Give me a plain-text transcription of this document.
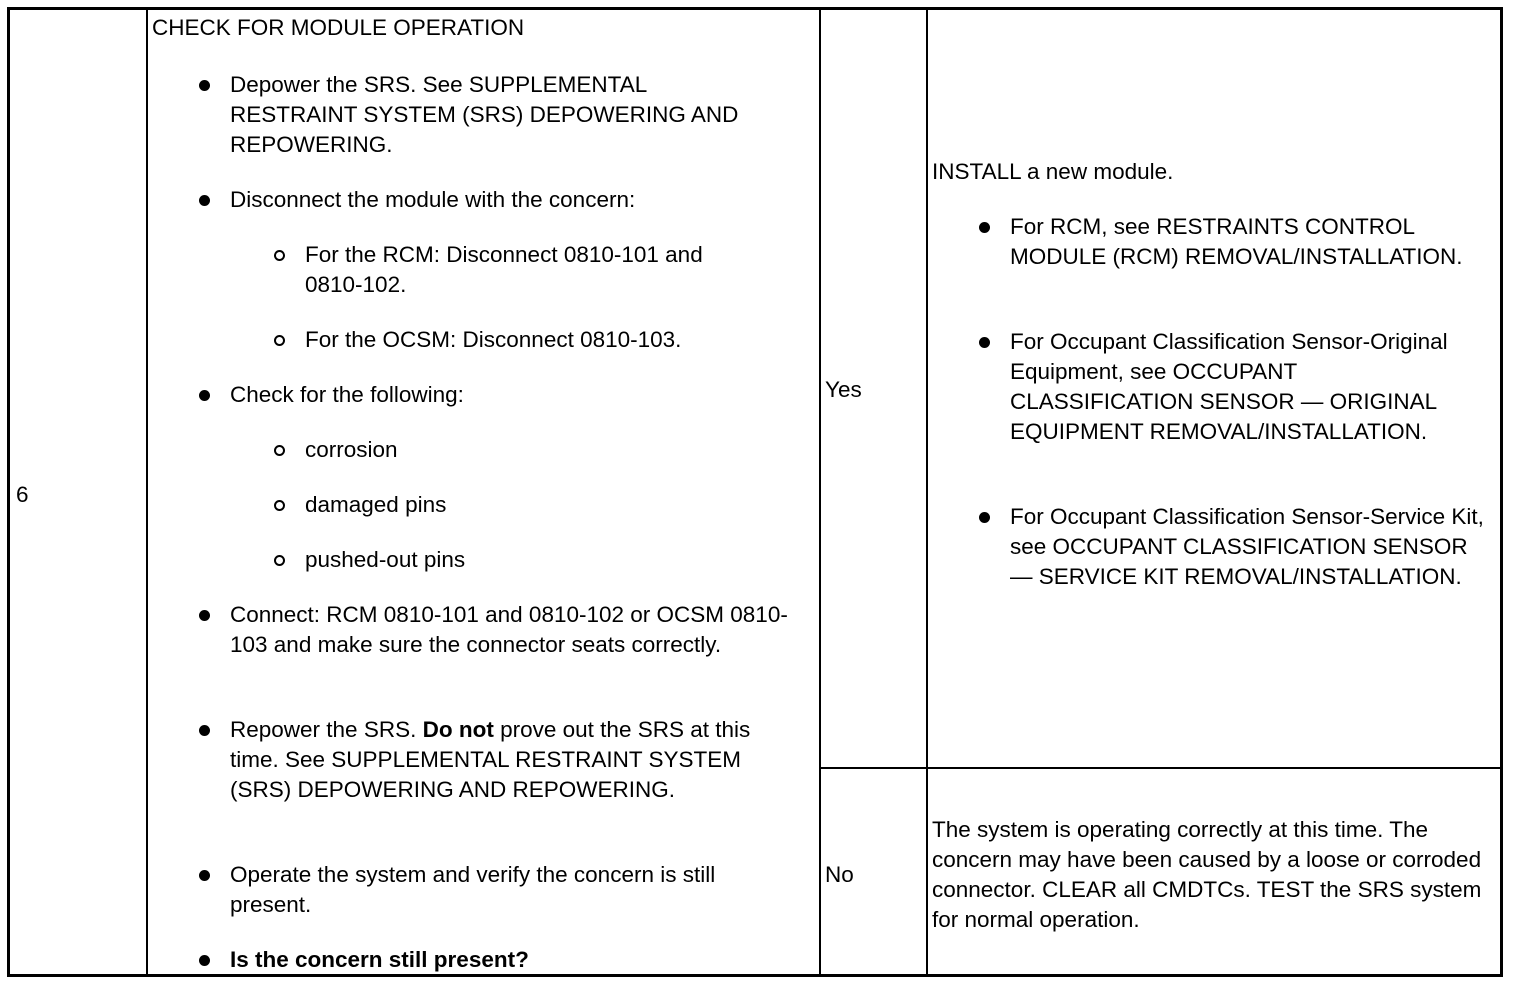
6
CHECK FOR MODULE OPERATION
Depower the SRS. See SUPPLEMENTAL RESTRAINT SYSTEM (SRS) DEPOWERING AND REPOWERING.
Disconnect the module with the concern:
For the RCM: Disconnect 0810-101 and 0810-102.
For the OCSM: Disconnect 0810-103.
Check for the following:
corrosion
damaged pins
pushed-out pins
Connect: RCM 0810-101 and 0810-102 or OCSM 0810-103 and make sure the connector seats correctly.
Repower the SRS. Do not prove out the SRS at this time. See SUPPLEMENTAL RESTRAINT SYSTEM (SRS) DEPOWERING AND REPOWERING.
Operate the system and verify the concern is still present.
Is the concern still present?
Yes
INSTALL a new module.
For RCM, see RESTRAINTS CONTROL MODULE (RCM) REMOVAL/INSTALLATION.
For Occupant Classification Sensor-Original Equipment, see OCCUPANT CLASSIFICATION SENSOR — ORIGINAL EQUIPMENT REMOVAL/INSTALLATION.
For Occupant Classification Sensor-Service Kit, see OCCUPANT CLASSIFICATION SENSOR — SERVICE KIT REMOVAL/INSTALLATION.
No
The system is operating correctly at this time. The concern may have been caused by a loose or corroded connector. CLEAR all CMDTCs. TEST the SRS system for normal operation.
